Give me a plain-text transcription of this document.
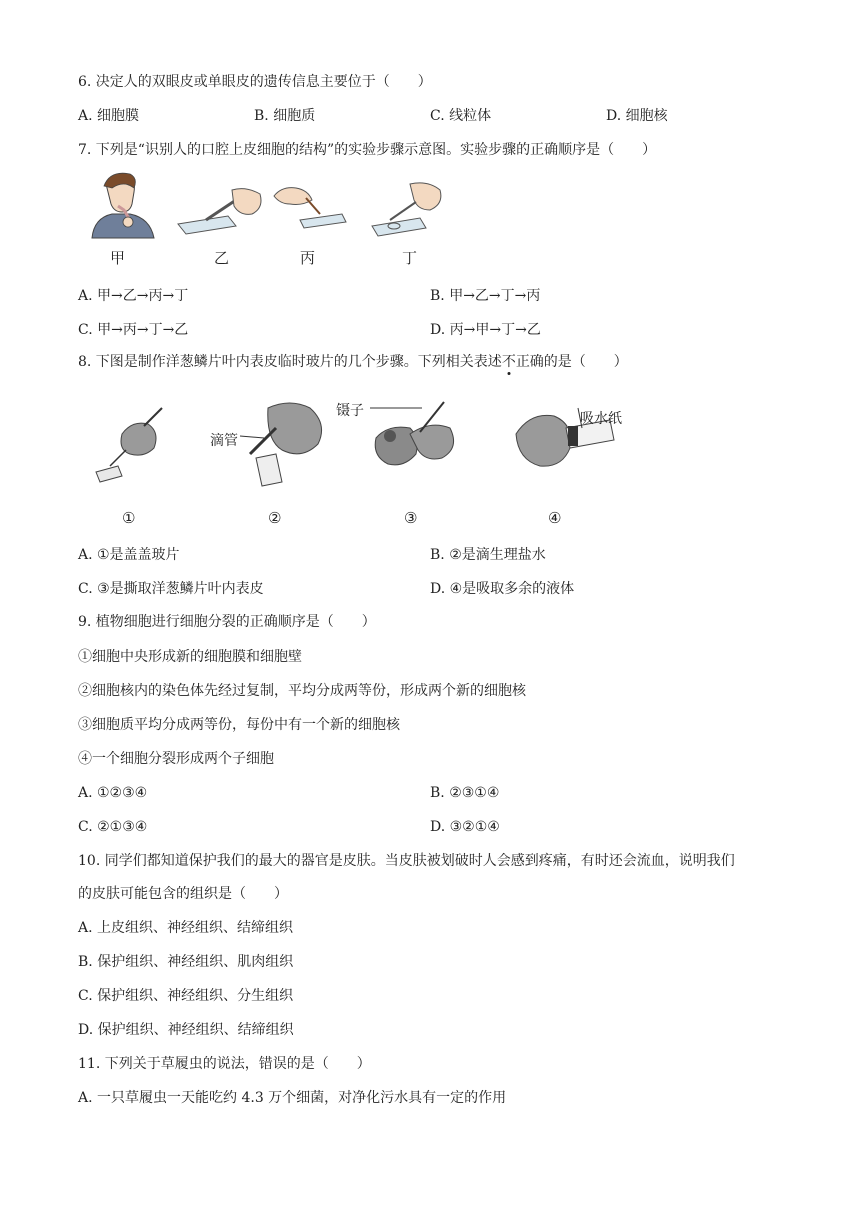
6. 决定人的双眼皮或单眼皮的遗传信息主要位于（　　）
A. 细胞膜	B. 细胞质	C. 线粒体	D. 细胞核
7. 下列是“识别人的口腔上皮细胞的结构”的实验步骤示意图。实验步骤的正确顺序是（　　）
甲	乙	丙	丁
A. 甲→乙→丙→丁	B. 甲→乙→丁→丙
C. 甲→丙→丁→乙	D. 丙→甲→丁→乙
8. 下图是制作洋葱鳞片叶内表皮临时玻片的几个步骤。下列相关表述不正确的是（　　）
滴管
镊子	吸水纸
①	②	③	④
A. ①是盖盖玻片	B. ②是滴生理盐水
C. ③是撕取洋葱鳞片叶内表皮	D. ④是吸取多余的液体
9. 植物细胞进行细胞分裂的正确顺序是（　　）
①细胞中央形成新的细胞膜和细胞壁
②细胞核内的染色体先经过复制，平均分成两等份，形成两个新的细胞核
③细胞质平均分成两等份，每份中有一个新的细胞核
④一个细胞分裂形成两个子细胞
A. ①②③④	B. ②③①④
C. ②①③④	D. ③②①④
10. 同学们都知道保护我们的最大的器官是皮肤。当皮肤被划破时人会感到疼痛，有时还会流血，说明我们
的皮肤可能包含的组织是（　　）
A. 上皮组织、神经组织、结缔组织
B. 保护组织、神经组织、肌肉组织
C. 保护组织、神经组织、分生组织
D. 保护组织、神经组织、结缔组织
11. 下列关于草履虫的说法，错误的是（　　）
A. 一只草履虫一天能吃约 4.3 万个细菌，对净化污水具有一定的作用
